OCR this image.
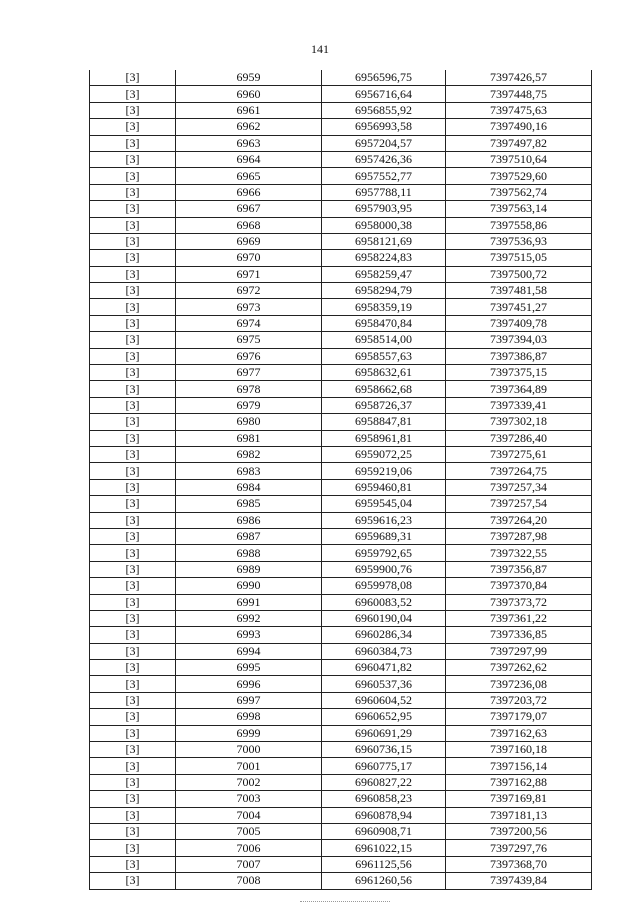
141
[3]	6959	6956596,75	7397426,57
[3]	6960	6956716,64	7397448,75
[3]	6961	6956855,92	7397475,63
[3]	6962	6956993,58	7397490,16
[3]	6963	6957204,57	7397497,82
[3]	6964	6957426,36	7397510,64
[3]	6965	6957552,77	7397529,60
[3]	6966	6957788,11	7397562,74
[3]	6967	6957903,95	7397563,14
[3]	6968	6958000,38	7397558,86
[3]	6969	6958121,69	7397536,93
[3]	6970	6958224,83	7397515,05
[3]	6971	6958259,47	7397500,72
[3]	6972	6958294,79	7397481,58
[3]	6973	6958359,19	7397451,27
[3]	6974	6958470,84	7397409,78
[3]	6975	6958514,00	7397394,03
[3]	6976	6958557,63	7397386,87
[3]	6977	6958632,61	7397375,15
[3]	6978	6958662,68	7397364,89
[3]	6979	6958726,37	7397339,41
[3]	6980	6958847,81	7397302,18
[3]	6981	6958961,81	7397286,40
[3]	6982	6959072,25	7397275,61
[3]	6983	6959219,06	7397264,75
[3]	6984	6959460,81	7397257,34
[3]	6985	6959545,04	7397257,54
[3]	6986	6959616,23	7397264,20
[3]	6987	6959689,31	7397287,98
[3]	6988	6959792,65	7397322,55
[3]	6989	6959900,76	7397356,87
[3]	6990	6959978,08	7397370,84
[3]	6991	6960083,52	7397373,72
[3]	6992	6960190,04	7397361,22
[3]	6993	6960286,34	7397336,85
[3]	6994	6960384,73	7397297,99
[3]	6995	6960471,82	7397262,62
[3]	6996	6960537,36	7397236,08
[3]	6997	6960604,52	7397203,72
[3]	6998	6960652,95	7397179,07
[3]	6999	6960691,29	7397162,63
[3]	7000	6960736,15	7397160,18
[3]	7001	6960775,17	7397156,14
[3]	7002	6960827,22	7397162,88
[3]	7003	6960858,23	7397169,81
[3]	7004	6960878,94	7397181,13
[3]	7005	6960908,71	7397200,56
[3]	7006	6961022,15	7397297,76
[3]	7007	6961125,56	7397368,70
[3]	7008	6961260,56	7397439,84
